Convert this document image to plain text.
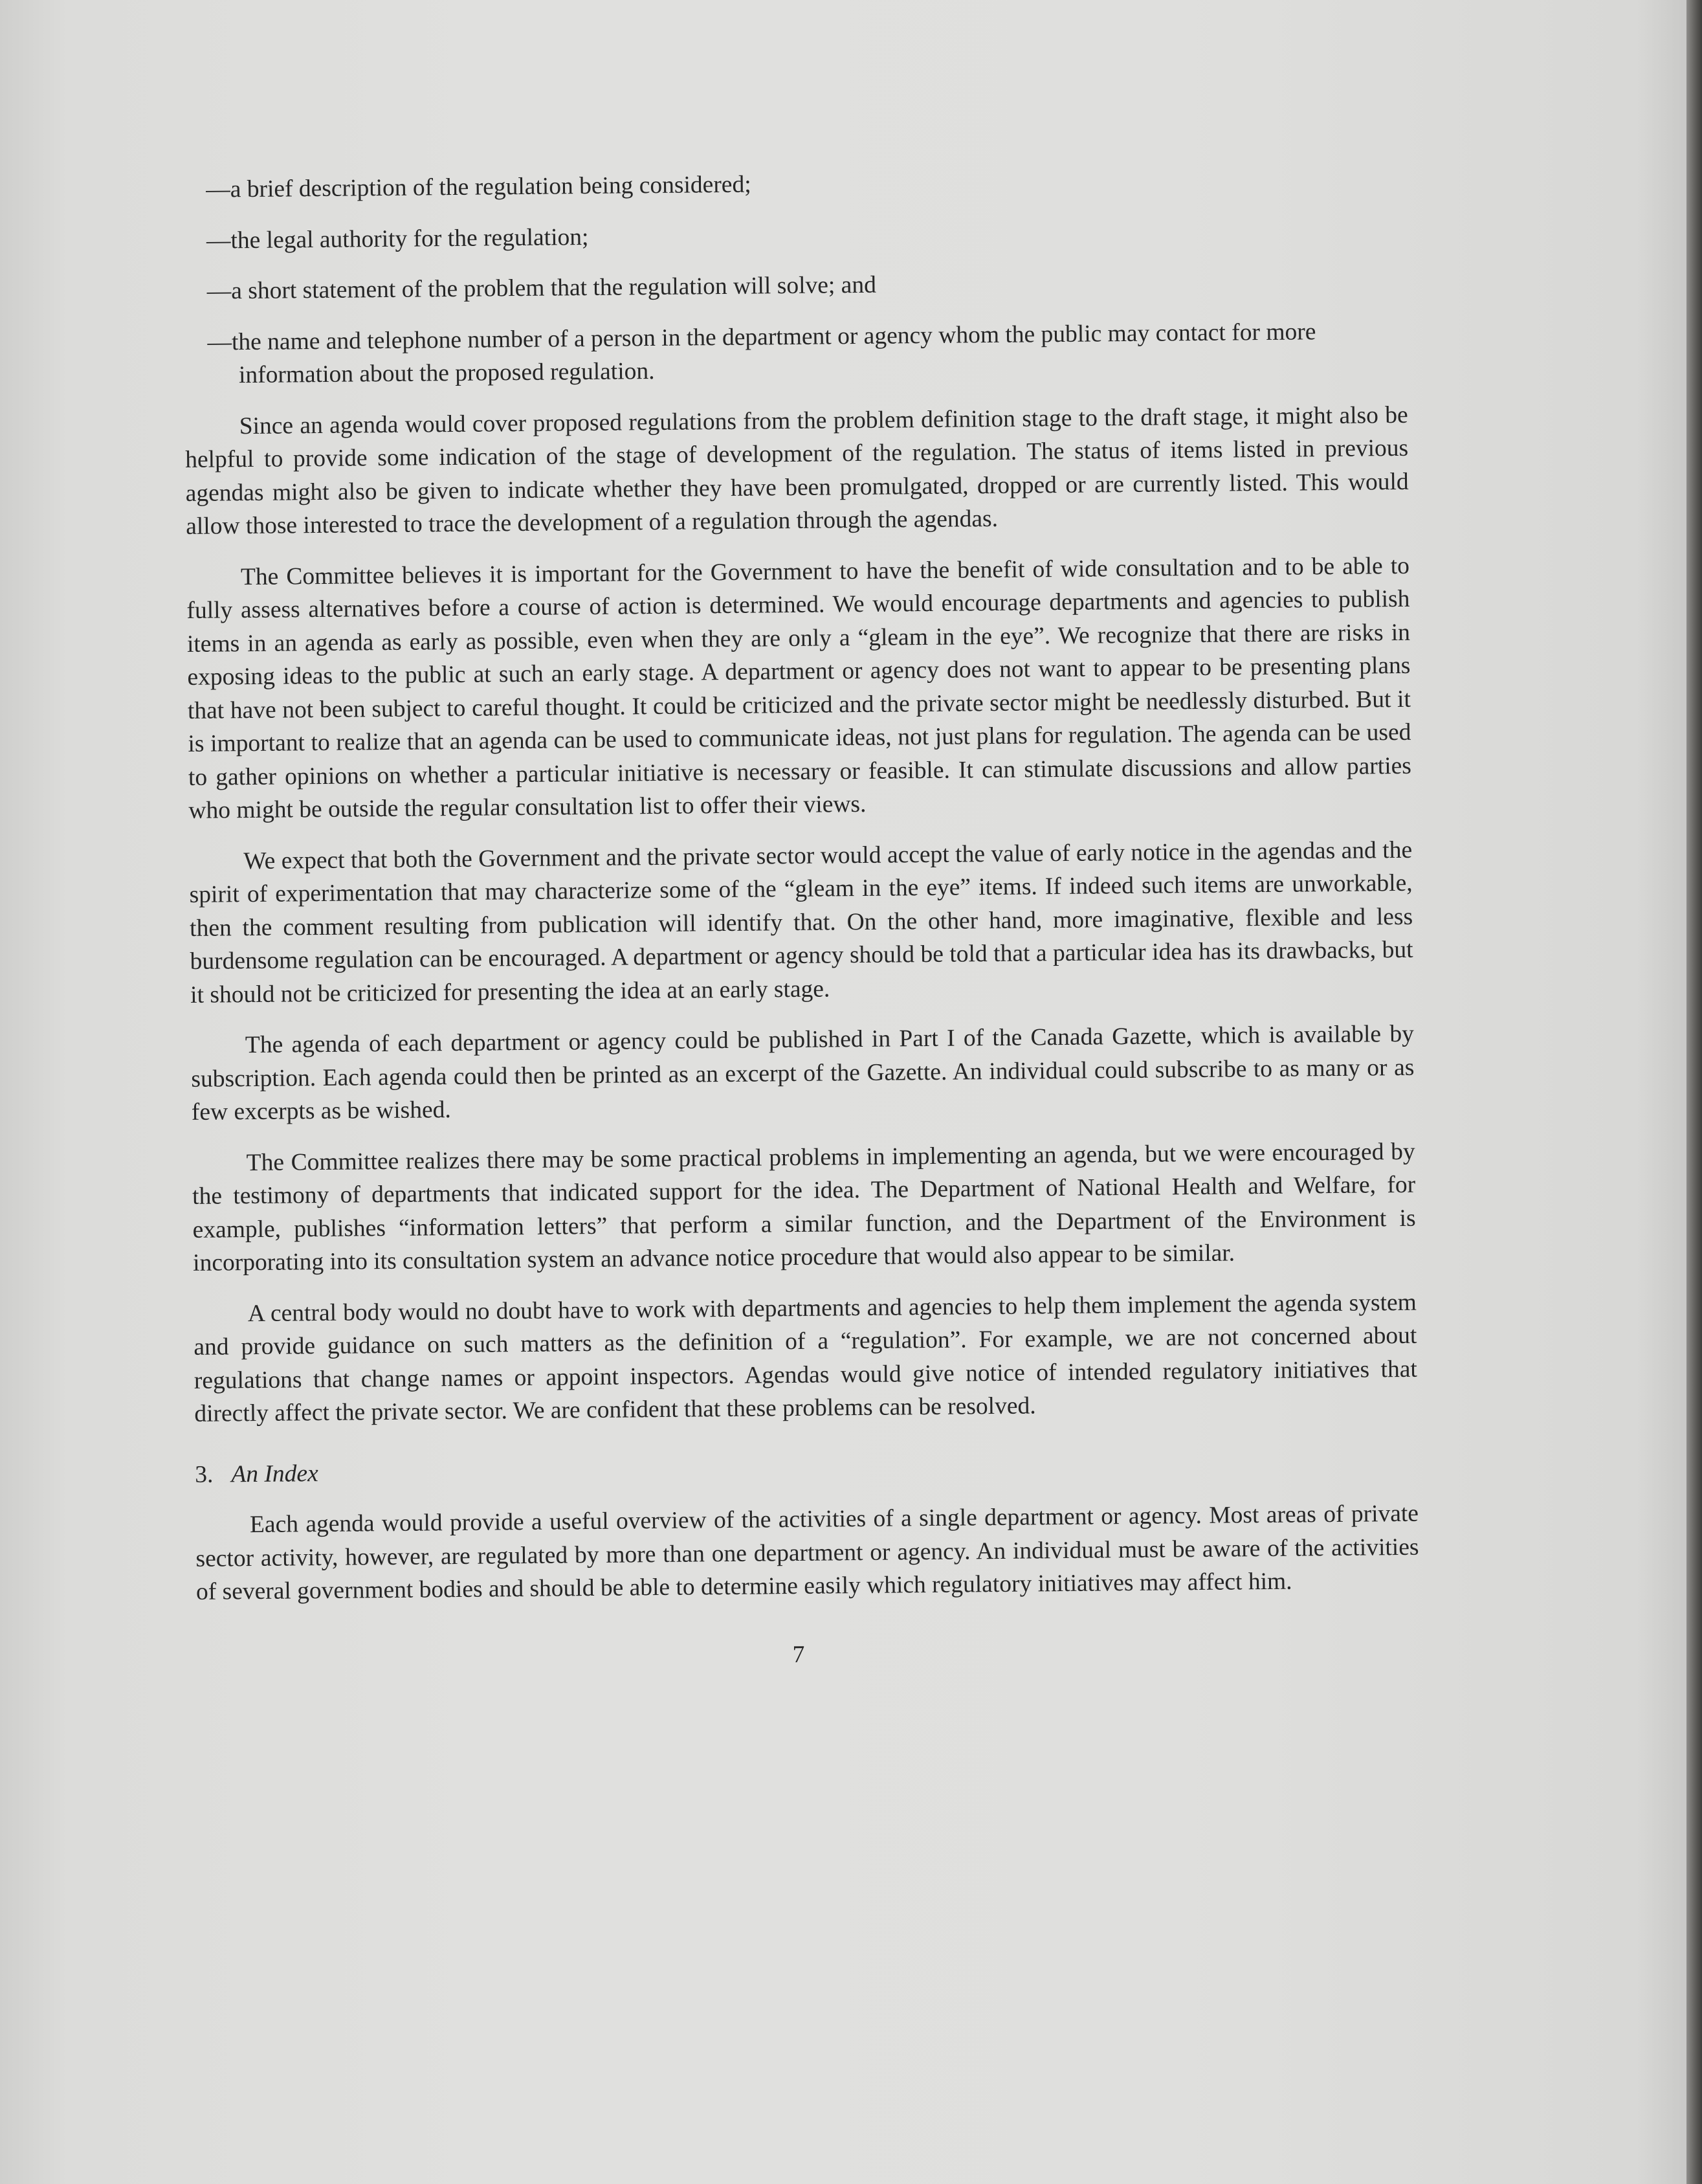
—a brief description of the regulation being considered;

—the legal authority for the regulation;

—a short statement of the problem that the regulation will solve; and

—the name and telephone number of a person in the department or agency whom the public may contact for more information about the proposed regulation.

Since an agenda would cover proposed regulations from the problem definition stage to the draft stage, it might also be helpful to provide some indication of the stage of development of the regulation. The status of items listed in previous agendas might also be given to indicate whether they have been promulgated, dropped or are currently listed. This would allow those interested to trace the development of a regulation through the agendas.

The Committee believes it is important for the Government to have the benefit of wide consultation and to be able to fully assess alternatives before a course of action is determined. We would encourage departments and agencies to publish items in an agenda as early as possible, even when they are only a “gleam in the eye”. We recognize that there are risks in exposing ideas to the public at such an early stage. A department or agency does not want to appear to be presenting plans that have not been subject to careful thought. It could be criticized and the private sector might be needlessly disturbed. But it is important to realize that an agenda can be used to communicate ideas, not just plans for regulation. The agenda can be used to gather opinions on whether a particular initiative is necessary or feasible. It can stimulate discussions and allow parties who might be outside the regular consultation list to offer their views.

We expect that both the Government and the private sector would accept the value of early notice in the agendas and the spirit of experimentation that may characterize some of the “gleam in the eye” items. If indeed such items are unworkable, then the comment resulting from publication will identify that. On the other hand, more imaginative, flexible and less burdensome regulation can be encouraged. A department or agency should be told that a particular idea has its drawbacks, but it should not be criticized for presenting the idea at an early stage.

The agenda of each department or agency could be published in Part I of the Canada Gazette, which is available by subscription. Each agenda could then be printed as an excerpt of the Gazette. An individual could subscribe to as many or as few excerpts as be wished.

The Committee realizes there may be some practical problems in implementing an agenda, but we were encouraged by the testimony of departments that indicated support for the idea. The Department of National Health and Welfare, for example, publishes “information letters” that perform a similar function, and the Department of the Environment is incorporating into its consultation system an advance notice procedure that would also appear to be similar.

A central body would no doubt have to work with departments and agencies to help them implement the agenda system and provide guidance on such matters as the definition of a “regulation”. For example, we are not concerned about regulations that change names or appoint inspectors. Agendas would give notice of intended regulatory initiatives that directly affect the private sector. We are confident that these problems can be resolved.

3. An Index

Each agenda would provide a useful overview of the activities of a single department or agency. Most areas of private sector activity, however, are regulated by more than one department or agency. An individual must be aware of the activities of several government bodies and should be able to determine easily which regulatory initiatives may affect him.

7
